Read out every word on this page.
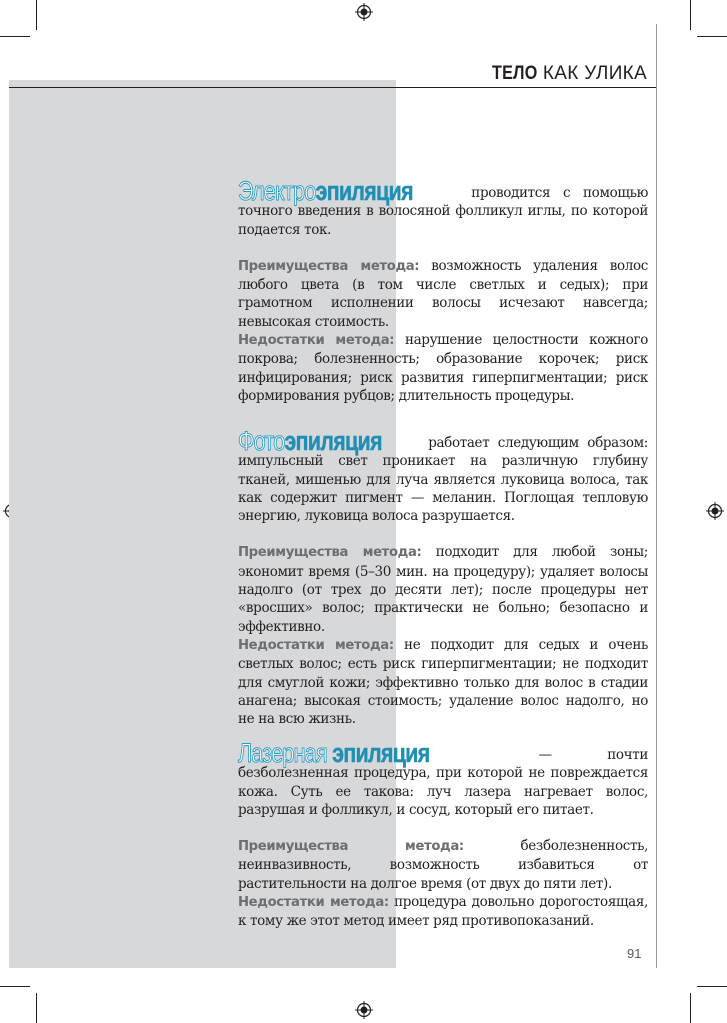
ТЕЛО КАК УЛИКА

Электроэпиляция	проводится с помощью точного введения в волосяной фолликул иглы, по которой подается ток.

Преимущества метода: возможность удаления волос любого цвета (в том числе светлых и седых); при грамотном исполнении волосы исчезают навсегда; невысокая стоимость.

Недостатки метода: нарушение целостности кожного покрова; болезненность; образование корочек; риск инфицирования; риск развития гиперпигментации; риск формирования рубцов; длительность процедуры.

Фотоэпиляция	работает следующим образом: импульсный свет проникает на различную глубину тканей, мишенью для луча является луковица волоса, так как содержит пигмент — меланин. Поглощая тепловую энергию, луковица волоса разрушается.

Преимущества метода: подходит для любой зоны; экономит время (5–30 мин. на процедуру); удаляет волосы надолго (от трех до десяти лет); после процедуры нет «вросших» волос; практически не больно; безопасно и эффективно.

Недостатки метода: не подходит для седых и очень светлых волос; есть риск гиперпигментации; не подходит для смуглой кожи; эффективно только для волос в стадии анагена; высокая стоимость; удаление волос надолго, но не на всю жизнь.

Лазерная эпиляция	— почти безболезненная процедура, при которой не повреждается кожа. Суть ее такова: луч лазера нагревает волос, разрушая и фолликул, и сосуд, который его питает.

Преимущества метода: безболезненность, неинвазивность, возможность избавиться от растительности на долгое время (от двух до пяти лет).

Недостатки метода: процедура довольно дорогостоящая, к тому же этот метод имеет ряд противопоказаний.

91
